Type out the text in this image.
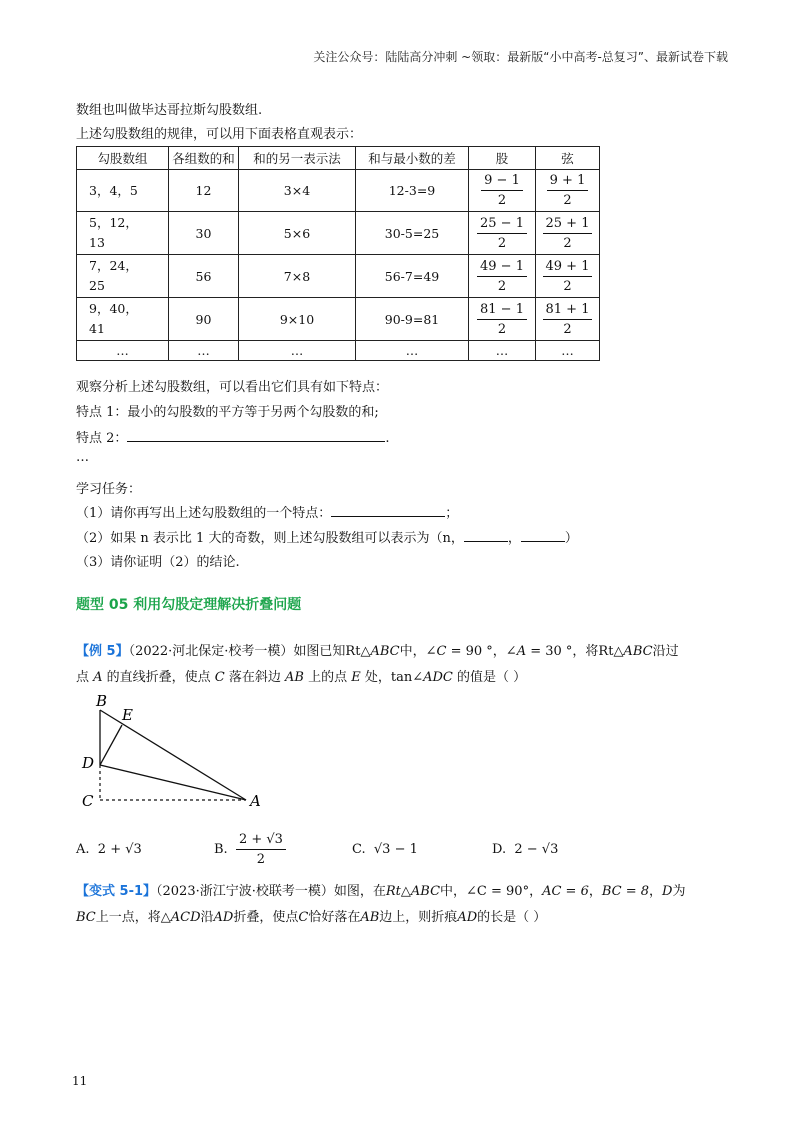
关注公众号：陆陆高分冲刺 ~领取：最新版“小中高考-总复习”、最新试卷下载
数组也叫做毕达哥拉斯勾股数组.
上述勾股数组的规律，可以用下面表格直观表示：
勾股数组	各组数的和	和的另一表示法	和与最小数的差	股	弦
3，4，5	12	3×4	12-3=9	$\frac{9 - 1}{2}$	$\frac{9 + 1}{2}$

5，12，
13	30	5×6	30-5=25	$\frac{25 - 1}{2}$	$\frac{25 + 1}{2}$

7，24，
25	56	7×8	56-7=49	$\frac{49 - 1}{2}$	$\frac{49 + 1}{2}$

9，40，
41	90	9×10	90-9=81	$\frac{81 - 1}{2}$	$\frac{81 + 1}{2}$

…	…	…	…	…	…
观察分析上述勾股数组，可以看出它们具有如下特点：
特点 1：最小的勾股数的平方等于另两个勾股数的和;
特点 2：	.
…
学习任务：
（1）请你再写出上述勾股数组的一个特点：	；
（2）如果 n 表示比 1 大的奇数，则上述勾股数组可以表示为（n，	，	）
（3）请你证明（2）的结论.
题型 05 利用勾股定理解决折叠问题
【例 5】（2022·河北保定·校考一模）如图已知Rt△ABC中，∠C = 90 °，∠A = 30 °，将Rt△ABC沿过
点 A 的直线折叠，使点 C 落在斜边 AB 上的点 E 处，tan∠ADC 的值是（ ）
B
E
D
C	A
A. 2 + √3	B. $\frac{2 + √3}{2}$	C. √3 − 1	D. 2 − √3
【变式 5-1】（2023·浙江宁波·校联考一模）如图，在Rt△ABC中，∠C = 90°，AC = 6，BC = 8，D为
BC上一点，将△ACD沿AD折叠，使点C恰好落在AB边上，则折痕AD的长是（ ）
11
